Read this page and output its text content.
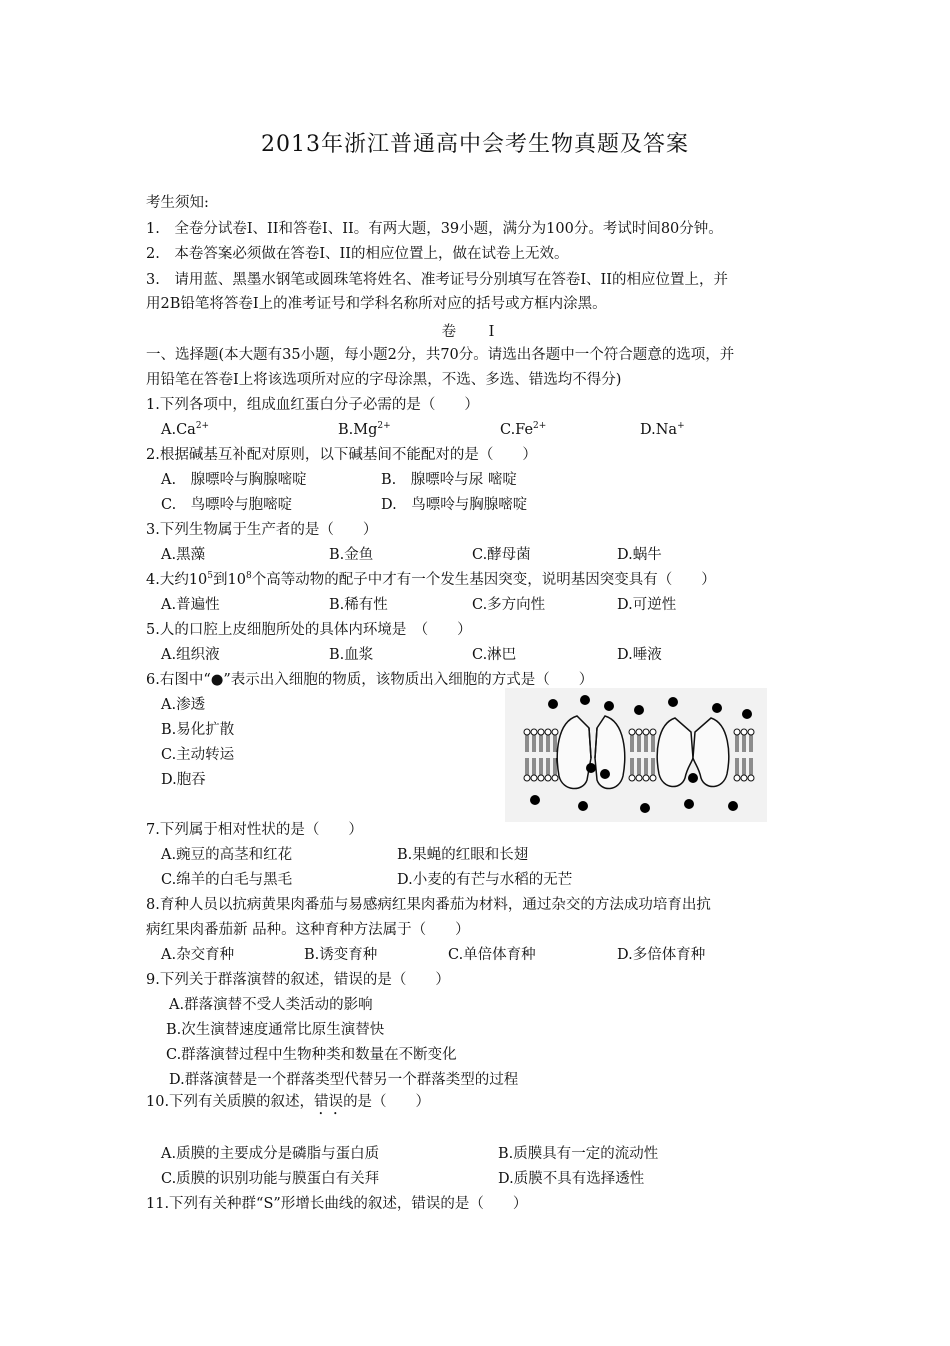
2013年浙江普通高中会考生物真题及答案
考生须知:
1.　全卷分试卷I、II和答卷I、II。有两大题，39小题，满分为100分。考试时间80分钟。
2.　本卷答案必须做在答卷I、II的相应位置上，做在试卷上无效。
3.　请用蓝、黑墨水钢笔或圆珠笔将姓名、准考证号分别填写在答卷I、II的相应位置上，并
用2B铅笔将答卷I上的准考证号和学科名称所对应的括号或方框内涂黑。
卷 I
一、选择题(本大题有35小题，每小题2分，共70分。请选出各题中一个符合题意的选项，并
用铅笔在答卷I上将该选项所对应的字母涂黑，不选、多选、错选均不得分)
1.下列各项中，组成血红蛋白分子必需的是（　　）
$A.Ca^{2+}$	$B.Mg^{2+}$	$C.Fe^{2+}$	D.Na+
2.根据碱基互补配对原则，以下碱基间不能配对的是（　　）
A.　腺嘌呤与胸腺嘧啶	B.　腺嘌呤与尿 嘧啶
C.　鸟嘌呤与胞嘧啶	D.　鸟嘌呤与胸腺嘧啶
3.下列生物属于生产者的是（　　）
A.黑藻	B.金鱼	C.酵母菌	D.蜗牛
4.大约$10^5$到$10^8$个高等动物的配子中才有一个发生基因突变，说明基因突变具有（　　）
A.普遍性	B.稀有性	C.多方向性	D.可逆性
5.人的口腔上皮细胞所处的具体内环境是　（　　）
A.组织液	B.血浆	C.淋巴	D.唾液
6.右图中“●”表示出入细胞的物质，该物质出入细胞的方式是（　　）
A.渗透
B.易化扩散
C.主动转运
D.胞吞
7.下列属于相对性状的是（　　）
A.豌豆的高茎和红花	B.果蝇的红眼和长翅
C.绵羊的白毛与黑毛	D.小麦的有芒与水稻的无芒
8.育种人员以抗病黄果肉番茄与易感病红果肉番茄为材料，通过杂交的方法成功培育出抗
病红果肉番茄新 品种。这种育种方法属于（　　）
A.杂交育种	B.诱变育种	C.单倍体育种	D.多倍体育种
9.下列关于群落演替的叙述，错误的是（　　）
A.群落演替不受人类活动的影响
B.次生演替速度通常比原生演替快
C.群落演替过程中生物种类和数量在不断变化
D.群落演替是一个群落类型代替另一个群落类型的过程
10.下列有关质膜的叙述，错误的是（　　）
A.质膜的主要成分是磷脂与蛋白质	B.质膜具有一定的流动性
C.质膜的识别功能与膜蛋白有关拜	D.质膜不具有选择透性
11.下列有关种群“S”形增长曲线的叙述，错误的是（　　）
